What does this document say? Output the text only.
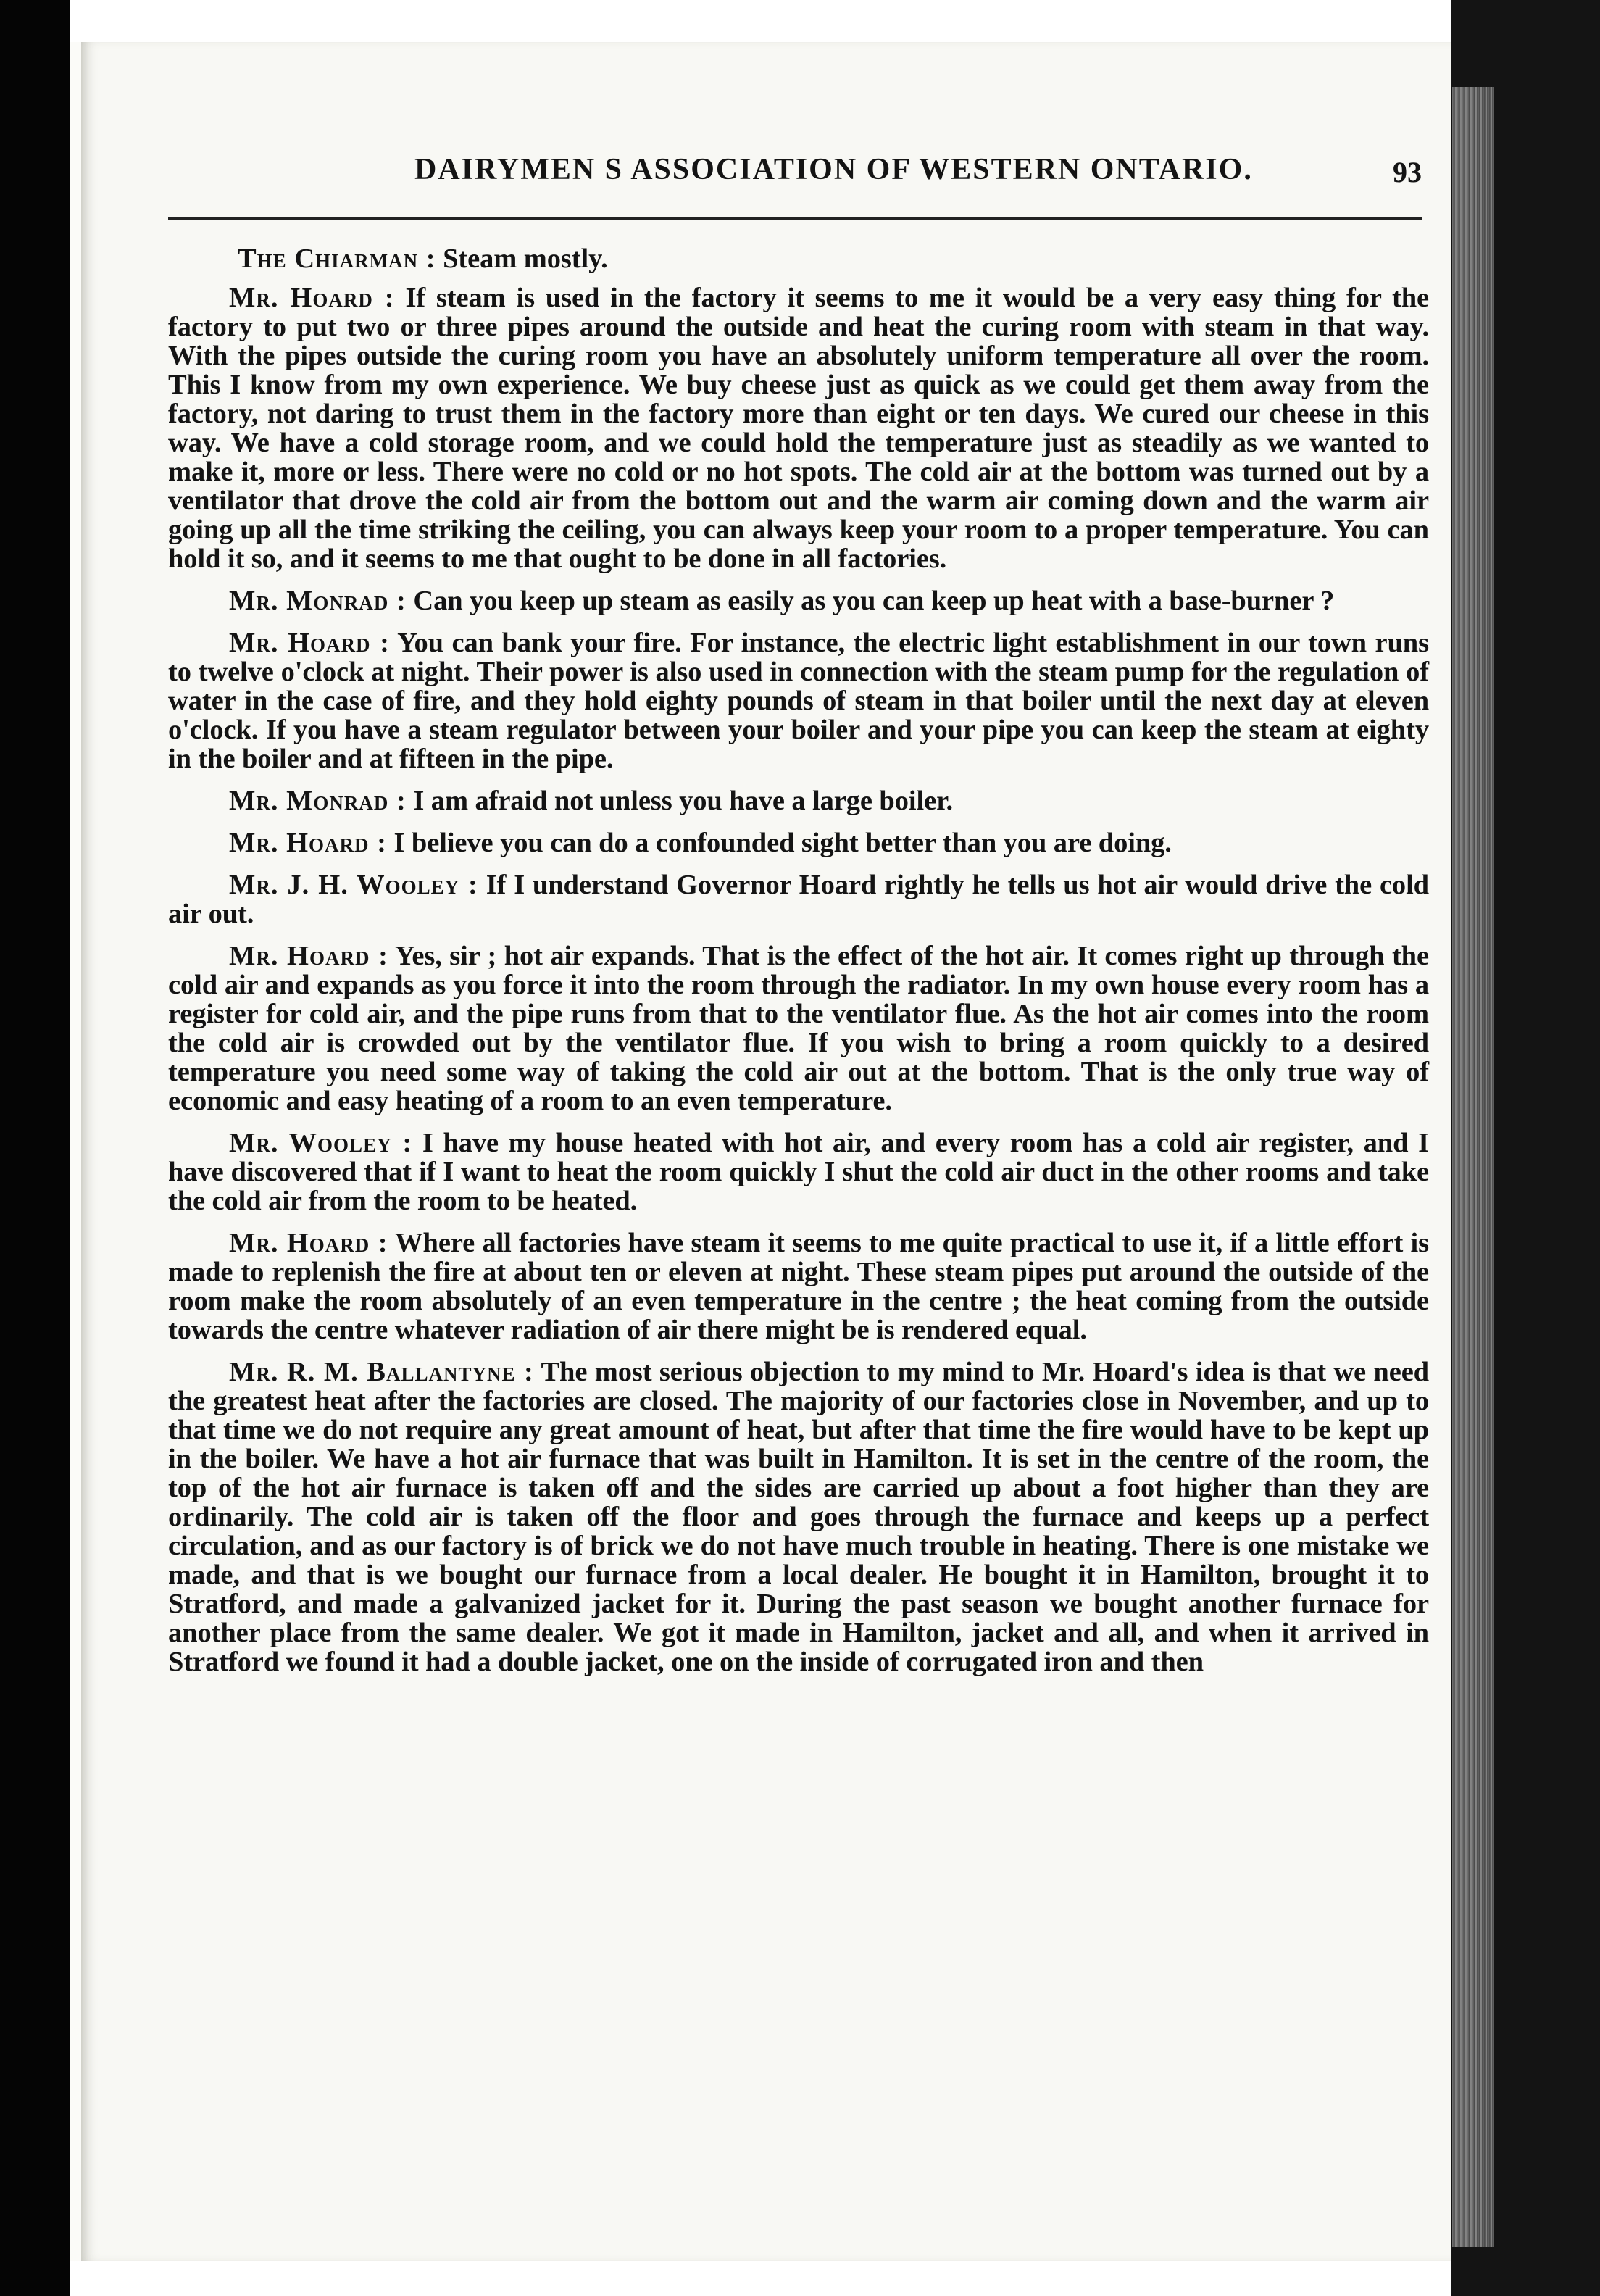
DAIRYMEN S ASSOCIATION OF WESTERN ONTARIO.	93

The Chiarman : Steam mostly.

Mr. Hoard : If steam is used in the factory it seems to me it would be a very easy thing for the factory to put two or three pipes around the outside and heat the curing room with steam in that way. With the pipes outside the curing room you have an absolutely uniform temperature all over the room. This I know from my own experience. We buy cheese just as quick as we could get them away from the factory, not daring to trust them in the factory more than eight or ten days. We cured our cheese in this way. We have a cold storage room, and we could hold the temperature just as steadily as we wanted to make it, more or less. There were no cold or no hot spots. The cold air at the bottom was turned out by a ventilator that drove the cold air from the bottom out and the warm air coming down and the warm air going up all the time striking the ceiling, you can always keep your room to a proper temperature. You can hold it so, and it seems to me that ought to be done in all factories.

Mr. Monrad : Can you keep up steam as easily as you can keep up heat with a base-burner ?

Mr. Hoard : You can bank your fire. For instance, the electric light establishment in our town runs to twelve o'clock at night. Their power is also used in connection with the steam pump for the regulation of water in the case of fire, and they hold eighty pounds of steam in that boiler until the next day at eleven o'clock. If you have a steam regulator between your boiler and your pipe you can keep the steam at eighty in the boiler and at fifteen in the pipe.

Mr. Monrad : I am afraid not unless you have a large boiler.

Mr. Hoard : I believe you can do a confounded sight better than you are doing.

Mr. J. H. Wooley : If I understand Governor Hoard rightly he tells us hot air would drive the cold air out.

Mr. Hoard : Yes, sir ; hot air expands. That is the effect of the hot air. It comes right up through the cold air and expands as you force it into the room through the radiator. In my own house every room has a register for cold air, and the pipe runs from that to the ventilator flue. As the hot air comes into the room the cold air is crowded out by the ventilator flue. If you wish to bring a room quickly to a desired temperature you need some way of taking the cold air out at the bottom. That is the only true way of economic and easy heating of a room to an even temperature.

Mr. Wooley : I have my house heated with hot air, and every room has a cold air register, and I have discovered that if I want to heat the room quickly I shut the cold air duct in the other rooms and take the cold air from the room to be heated.

Mr. Hoard : Where all factories have steam it seems to me quite practical to use it, if a little effort is made to replenish the fire at about ten or eleven at night. These steam pipes put around the outside of the room make the room absolutely of an even temperature in the centre ; the heat coming from the outside towards the centre whatever radiation of air there might be is rendered equal.

Mr. R. M. Ballantyne : The most serious objection to my mind to Mr. Hoard's idea is that we need the greatest heat after the factories are closed. The majority of our factories close in November, and up to that time we do not require any great amount of heat, but after that time the fire would have to be kept up in the boiler. We have a hot air furnace that was built in Hamilton. It is set in the centre of the room, the top of the hot air furnace is taken off and the sides are carried up about a foot higher than they are ordinarily. The cold air is taken off the floor and goes through the furnace and keeps up a perfect circulation, and as our factory is of brick we do not have much trouble in heating. There is one mistake we made, and that is we bought our furnace from a local dealer. He bought it in Hamilton, brought it to Stratford, and made a galvanized jacket for it. During the past season we bought another furnace for another place from the same dealer. We got it made in Hamilton, jacket and all, and when it arrived in Stratford we found it had a double jacket, one on the inside of corrugated iron and then
